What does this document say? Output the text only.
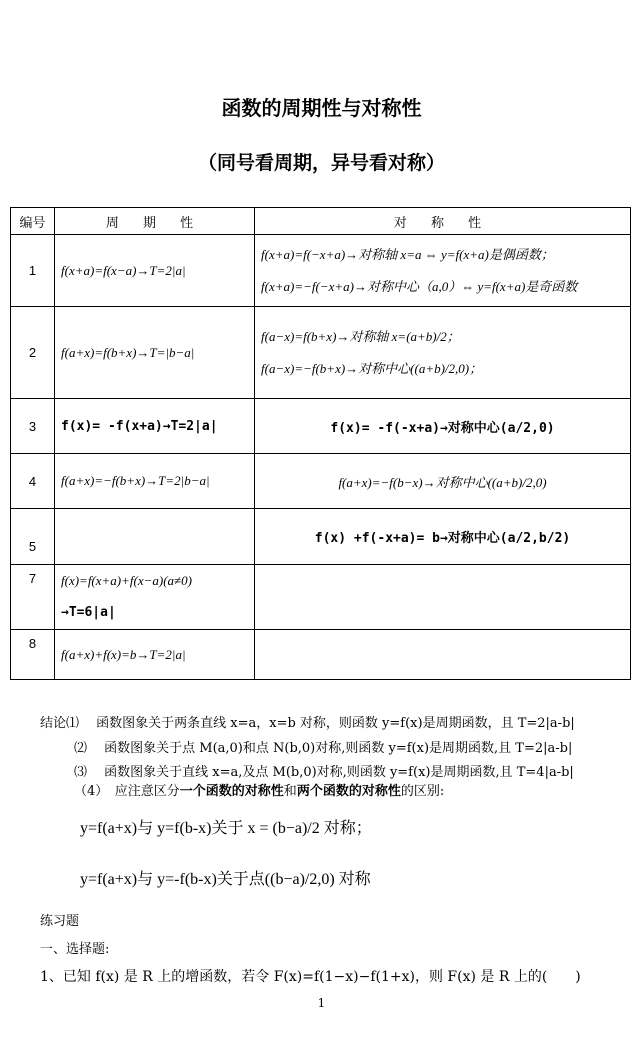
函数的周期性与对称性
（同号看周期，异号看对称）
编号	周 期 性	对 称 性
1	f(x+a)=f(x−a)→T=2|a|	f(x+a)=f(−x+a)→对称轴 x=a ⇔ y=f(x+a)是偶函数；
f(x+a)=−f(−x+a)→对称中心（a,0）⇔ y=f(x+a)是奇函数

2	f(a+x)=f(b+x)→T=|b−a|	f(a−x)=f(b+x)→对称轴 x=(a+b)/2；
f(a−x)=−f(b+x)→对称中心((a+b)/2,0)；

3	f(x)= -f(x+a)→T=2|a|	f(x)= -f(-x+a)→对称中心(a/2,0)
4	f(a+x)=−f(b+x)→T=2|b−a|	f(a+x)=−f(b−x)→对称中心((a+b)/2,0)
5		f(x) +f(-x+a)= b→对称中心(a/2,b/2)
7	f(x)=f(x+a)+f(x−a)(a≠0)
→T=6|a|	

8	f(a+x)+f(x)=b→T=2|a|	
结论⑴　 函数图象关于两条直线 x=a，x=b 对称，则函数 y=f(x)是周期函数，且 T=2|a-b|
⑵　 函数图象关于点 M(a,0)和点 N(b,0)对称,则函数 y=f(x)是周期函数,且 T=2|a-b|
⑶　 函数图象关于直线 x=a,及点 M(b,0)对称,则函数 y=f(x)是周期函数,且 T=4|a-b|
（4）　应注意区分一个函数的对称性和两个函数的对称性的区别:
y=f(a+x)与 y=f(b-x)关于 x = (b−a)/2 对称；
y=f(a+x)与 y=-f(b-x)关于点((b−a)/2,0) 对称
练习题
一、选择题:
1、已知 f(x) 是 R 上的增函数，若令 F(x)=f(1−x)−f(1+x)，则 F(x) 是 R 上的(　　)
1
